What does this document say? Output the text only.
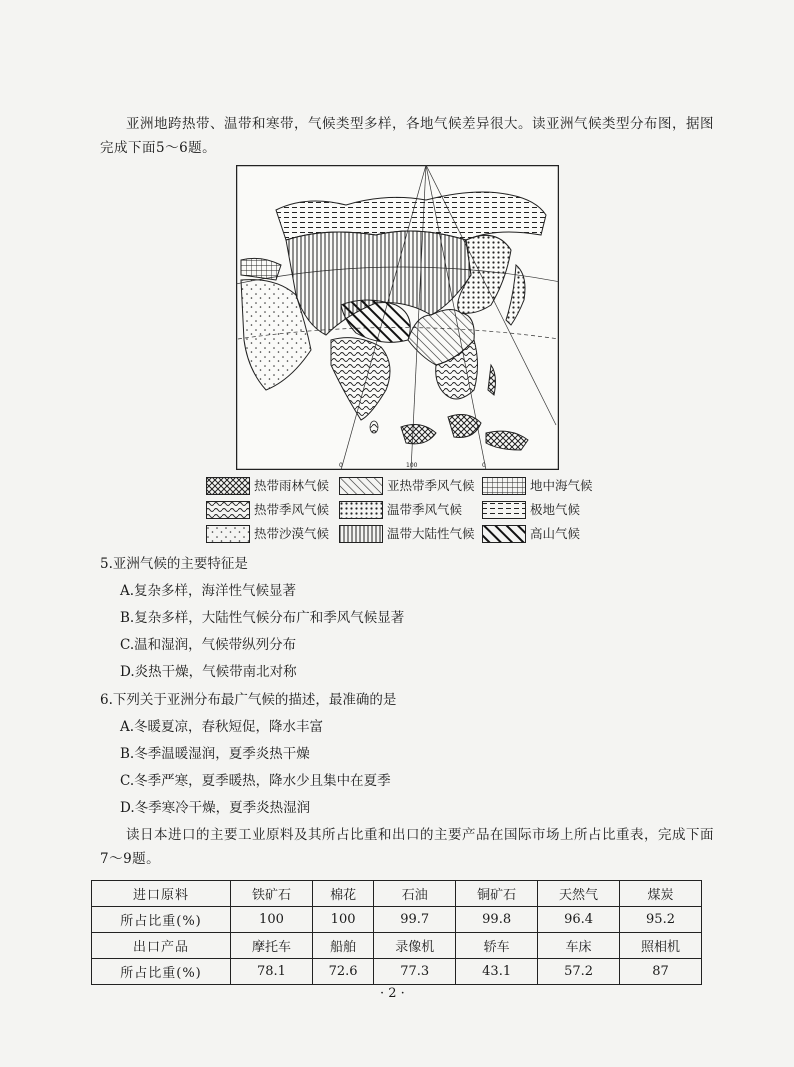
亚洲地跨热带、温带和寒带，气候类型多样，各地气候差异很大。读亚洲气候类型分布图，据图完成下面5～6题。
0	100	0
热带雨林气候	亚热带季风气候	地中海气候
热带季风气候	温带季风气候	极地气候
热带沙漠气候	温带大陆性气候	高山气候
5.亚洲气候的主要特征是
A.复杂多样，海洋性气候显著
B.复杂多样，大陆性气候分布广和季风气候显著
C.温和湿润，气候带纵列分布
D.炎热干燥，气候带南北对称
6.下列关于亚洲分布最广气候的描述，最准确的是
A.冬暖夏凉，春秋短促，降水丰富
B.冬季温暖湿润，夏季炎热干燥
C.冬季严寒，夏季暖热，降水少且集中在夏季
D.冬季寒冷干燥，夏季炎热湿润
读日本进口的主要工业原料及其所占比重和出口的主要产品在国际市场上所占比重表，完成下面7～9题。
进口原料	铁矿石	棉花	石油	铜矿石	天然气	煤炭
所占比重(%)	100	100	99.7	99.8	96.4	95.2
出口产品	摩托车	船舶	录像机	轿车	车床	照相机
所占比重(%)	78.1	72.6	77.3	43.1	57.2	87
· 2 ·
